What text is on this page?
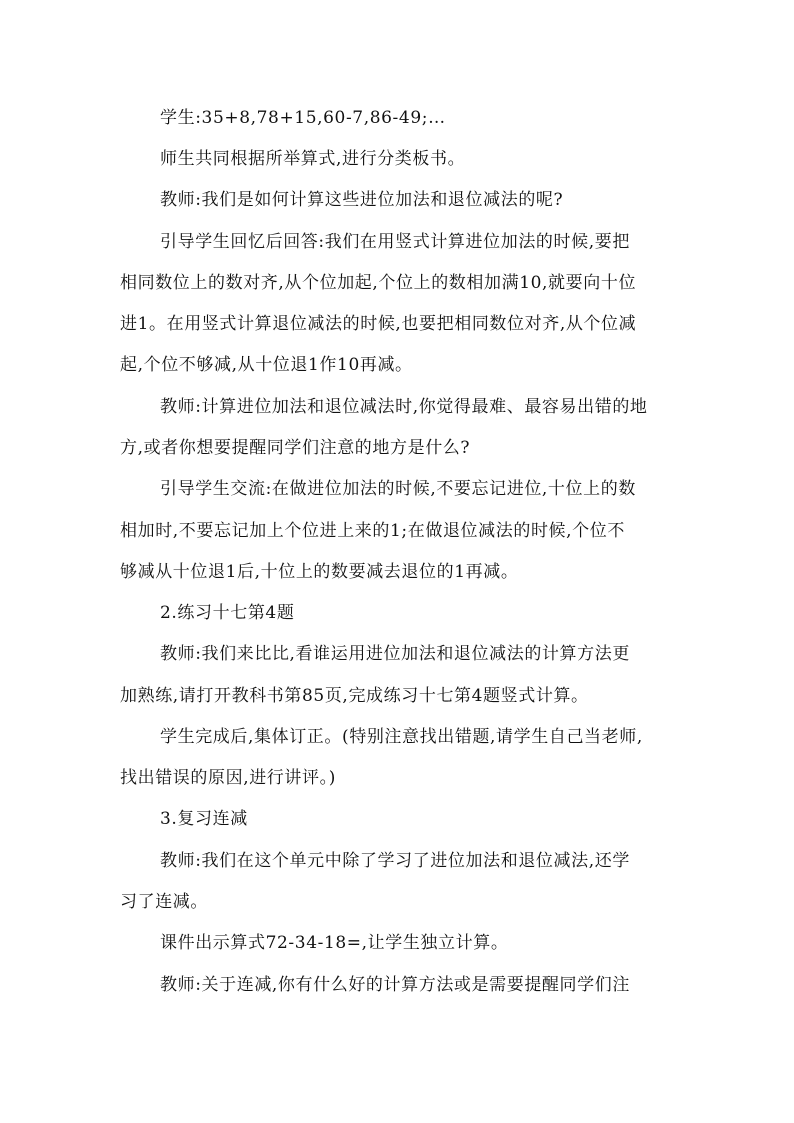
学生:35+8,78+15,60-7,86-49;…
师生共同根据所举算式,进行分类板书。
教师:我们是如何计算这些进位加法和退位减法的呢?
引导学生回忆后回答:我们在用竖式计算进位加法的时候,要把
相同数位上的数对齐,从个位加起,个位上的数相加满10,就要向十位
进1。在用竖式计算退位减法的时候,也要把相同数位对齐,从个位减
起,个位不够减,从十位退1作10再减。
教师:计算进位加法和退位减法时,你觉得最难、最容易出错的地
方,或者你想要提醒同学们注意的地方是什么?
引导学生交流:在做进位加法的时候,不要忘记进位,十位上的数
相加时,不要忘记加上个位进上来的1;在做退位减法的时候,个位不
够减从十位退1后,十位上的数要减去退位的1再减。
2.练习十七第4题
教师:我们来比比,看谁运用进位加法和退位减法的计算方法更
加熟练,请打开教科书第85页,完成练习十七第4题竖式计算。
学生完成后,集体订正。(特别注意找出错题,请学生自己当老师,
找出错误的原因,进行讲评。)
3.复习连减
教师:我们在这个单元中除了学习了进位加法和退位减法,还学
习了连减。
课件出示算式72-34-18=,让学生独立计算。
教师:关于连减,你有什么好的计算方法或是需要提醒同学们注
